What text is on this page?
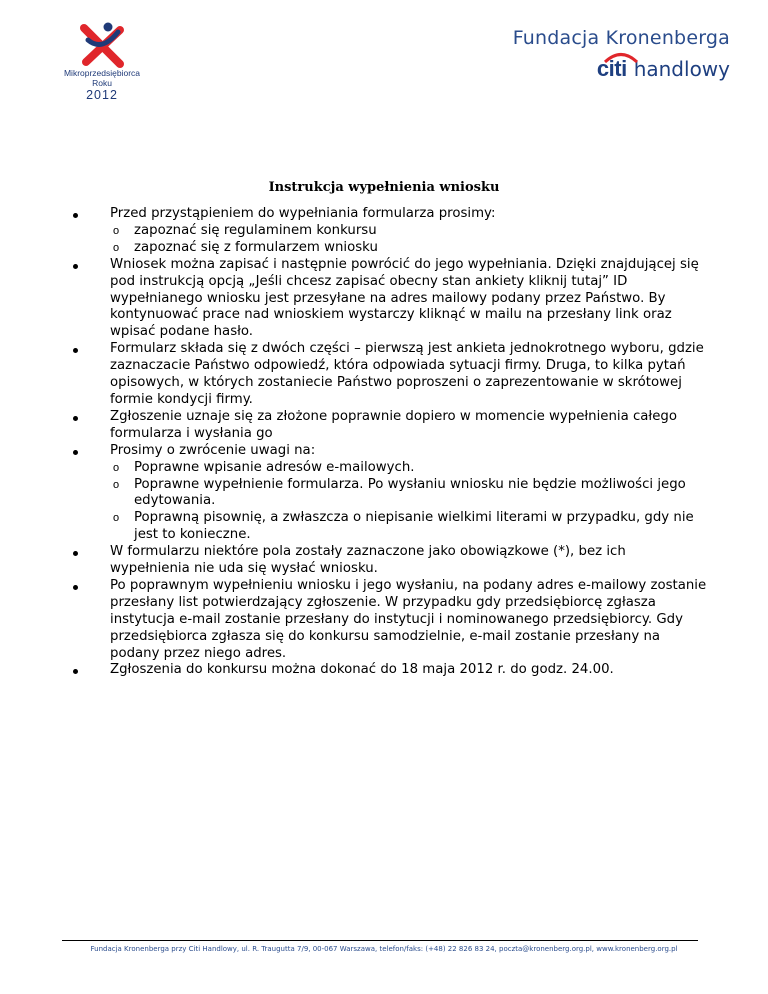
Mikroprzedsiębiorca
Roku
2012
Fundacja Kronenberga
citi handlowy
Instrukcja wypełnienia wniosku
Przed przystąpieniem do wypełniania formularza prosimy:
o zapoznać się regulaminem konkursu
o zapoznać się z formularzem wniosku
Wniosek można zapisać i następnie powrócić do jego wypełniania. Dzięki znajdującej się pod instrukcją opcją „Jeśli chcesz zapisać obecny stan ankiety kliknij tutaj” ID wypełnianego wniosku jest przesyłane na adres mailowy podany przez Państwo. By kontynuować prace nad wnioskiem wystarczy kliknąć w mailu na przesłany link oraz wpisać podane hasło.
Formularz składa się z dwóch części – pierwszą jest ankieta jednokrotnego wyboru, gdzie zaznaczacie Państwo odpowiedź, która odpowiada sytuacji firmy. Druga, to kilka pytań opisowych, w których zostaniecie Państwo poproszeni o zaprezentowanie w skrótowej formie kondycji firmy.
Zgłoszenie uznaje się za złożone poprawnie dopiero w momencie wypełnienia całego formularza i wysłania go
Prosimy o zwrócenie uwagi na:
o Poprawne wpisanie adresów e-mailowych.
o Poprawne wypełnienie formularza. Po wysłaniu wniosku nie będzie możliwości jego edytowania.
o Poprawną pisownię, a zwłaszcza o niepisanie wielkimi literami w przypadku, gdy nie jest to konieczne.
W formularzu niektóre pola zostały zaznaczone jako obowiązkowe (*), bez ich wypełnienia nie uda się wysłać wniosku.
Po poprawnym wypełnieniu wniosku i jego wysłaniu, na podany adres e-mailowy zostanie przesłany list potwierdzający zgłoszenie. W przypadku gdy przedsiębiorcę zgłasza instytucja e-mail zostanie przesłany do instytucji i nominowanego przedsiębiorcy. Gdy przedsiębiorca zgłasza się do konkursu samodzielnie, e-mail zostanie przesłany na podany przez niego adres.
Zgłoszenia do konkursu można dokonać do 18 maja 2012 r. do godz. 24.00.
Fundacja Kronenberga przy Citi Handlowy, ul. R. Traugutta 7/9, 00-067 Warszawa, telefon/faks: (+48) 22 826 83 24, poczta@kronenberg.org.pl, www.kronenberg.org.pl
